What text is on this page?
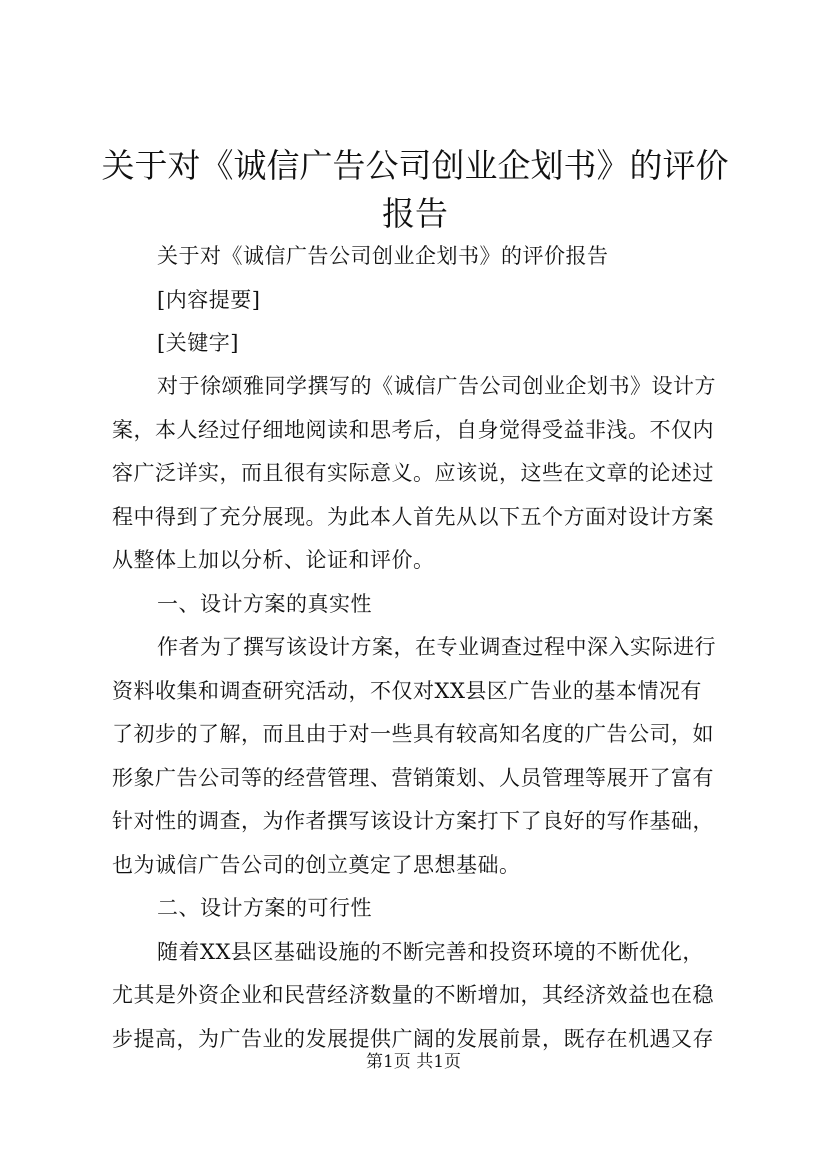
关于对《诚信广告公司创业企划书》的评价报告
关于对《诚信广告公司创业企划书》的评价报告
[内容提要]
[关键字]
对于徐颂雅同学撰写的《诚信广告公司创业企划书》设计方
案，本人经过仔细地阅读和思考后，自身觉得受益非浅。不仅内
容广泛详实，而且很有实际意义。应该说，这些在文章的论述过
程中得到了充分展现。为此本人首先从以下五个方面对设计方案
从整体上加以分析、论证和评价。
一、设计方案的真实性
作者为了撰写该设计方案，在专业调查过程中深入实际进行
资料收集和调查研究活动，不仅对XX县区广告业的基本情况有
了初步的了解，而且由于对一些具有较高知名度的广告公司，如
形象广告公司等的经营管理、营销策划、人员管理等展开了富有
针对性的调查，为作者撰写该设计方案打下了良好的写作基础，
也为诚信广告公司的创立奠定了思想基础。
二、设计方案的可行性
随着XX县区基础设施的不断完善和投资环境的不断优化，
尤其是外资企业和民营经济数量的不断增加，其经济效益也在稳
步提高，为广告业的发展提供广阔的发展前景，既存在机遇又存
第1页 共1页
